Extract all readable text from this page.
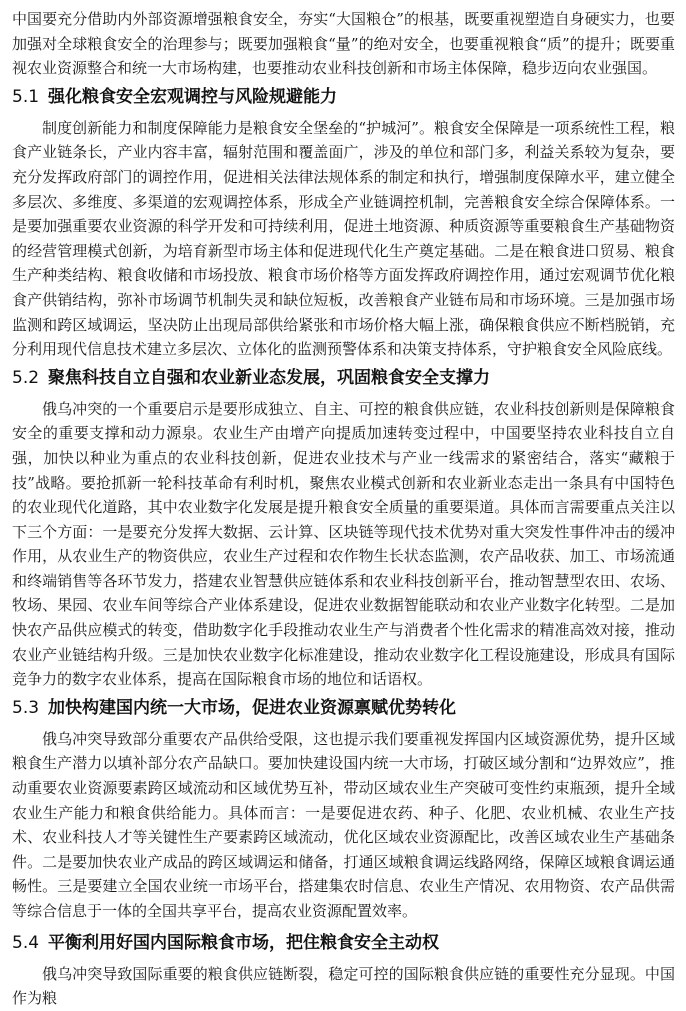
中国要充分借助内外部资源增强粮食安全，夯实“大国粮仓”的根基，既要重视塑造自身硬实力，也要加强对全球粮食安全的治理参与；既要加强粮食“量”的绝对安全，也要重视粮食“质”的提升；既要重视农业资源整合和统一大市场构建，也要推动农业科技创新和市场主体保障，稳步迈向农业强国。

5.1 强化粮食安全宏观调控与风险规避能力

制度创新能力和制度保障能力是粮食安全堡垒的“护城河”。粮食安全保障是一项系统性工程，粮食产业链条长，产业内容丰富，辐射范围和覆盖面广，涉及的单位和部门多，利益关系较为复杂，要充分发挥政府部门的调控作用，促进相关法律法规体系的制定和执行，增强制度保障水平，建立健全多层次、多维度、多渠道的宏观调控体系，形成全产业链调控机制，完善粮食安全综合保障体系。一是要加强重要农业资源的科学开发和可持续利用，促进土地资源、种质资源等重要粮食生产基础物资的经营管理模式创新，为培育新型市场主体和促进现代化生产奠定基础。二是在粮食进口贸易、粮食生产种类结构、粮食收储和市场投放、粮食市场价格等方面发挥政府调控作用，通过宏观调节优化粮食产供销结构，弥补市场调节机制失灵和缺位短板，改善粮食产业链布局和市场环境。三是加强市场监测和跨区域调运，坚决防止出现局部供给紧张和市场价格大幅上涨，确保粮食供应不断档脱销，充分利用现代信息技术建立多层次、立体化的监测预警体系和决策支持体系，守护粮食安全风险底线。

5.2 聚焦科技自立自强和农业新业态发展，巩固粮食安全支撑力

俄乌冲突的一个重要启示是要形成独立、自主、可控的粮食供应链，农业科技创新则是保障粮食安全的重要支撑和动力源泉。农业生产由增产向提质加速转变过程中，中国要坚持农业科技自立自强，加快以种业为重点的农业科技创新，促进农业技术与产业一线需求的紧密结合，落实“藏粮于技”战略。要抢抓新一轮科技革命有利时机，聚焦农业模式创新和农业新业态走出一条具有中国特色的农业现代化道路，其中农业数字化发展是提升粮食安全质量的重要渠道。具体而言需要重点关注以下三个方面：一是要充分发挥大数据、云计算、区块链等现代技术优势对重大突发性事件冲击的缓冲作用，从农业生产的物资供应，农业生产过程和农作物生长状态监测，农产品收获、加工、市场流通和终端销售等各环节发力，搭建农业智慧供应链体系和农业科技创新平台，推动智慧型农田、农场、牧场、果园、农业车间等综合产业体系建设，促进农业数据智能联动和农业产业数字化转型。二是加快农产品供应模式的转变，借助数字化手段推动农业生产与消费者个性化需求的精准高效对接，推动农业产业链结构升级。三是加快农业数字化标准建设，推动农业数字化工程设施建设，形成具有国际竞争力的数字农业体系，提高在国际粮食市场的地位和话语权。

5.3 加快构建国内统一大市场，促进农业资源禀赋优势转化

俄乌冲突导致部分重要农产品供给受限，这也提示我们要重视发挥国内区域资源优势，提升区域粮食生产潜力以填补部分农产品缺口。要加快建设国内统一大市场，打破区域分割和“边界效应”，推动重要农业资源要素跨区域流动和区域优势互补，带动区域农业生产突破可变性约束瓶颈，提升全域农业生产能力和粮食供给能力。具体而言：一是要促进农药、种子、化肥、农业机械、农业生产技术、农业科技人才等关键性生产要素跨区域流动，优化区域农业资源配比，改善区域农业生产基础条件。二是要加快农业产成品的跨区域调运和储备，打通区域粮食调运线路网络，保障区域粮食调运通畅性。三是要建立全国农业统一市场平台，搭建集农时信息、农业生产情况、农用物资、农产品供需等综合信息于一体的全国共享平台，提高农业资源配置效率。

5.4 平衡利用好国内国际粮食市场，把住粮食安全主动权

俄乌冲突导致国际重要的粮食供应链断裂，稳定可控的国际粮食供应链的重要性充分显现。中国作为粮
